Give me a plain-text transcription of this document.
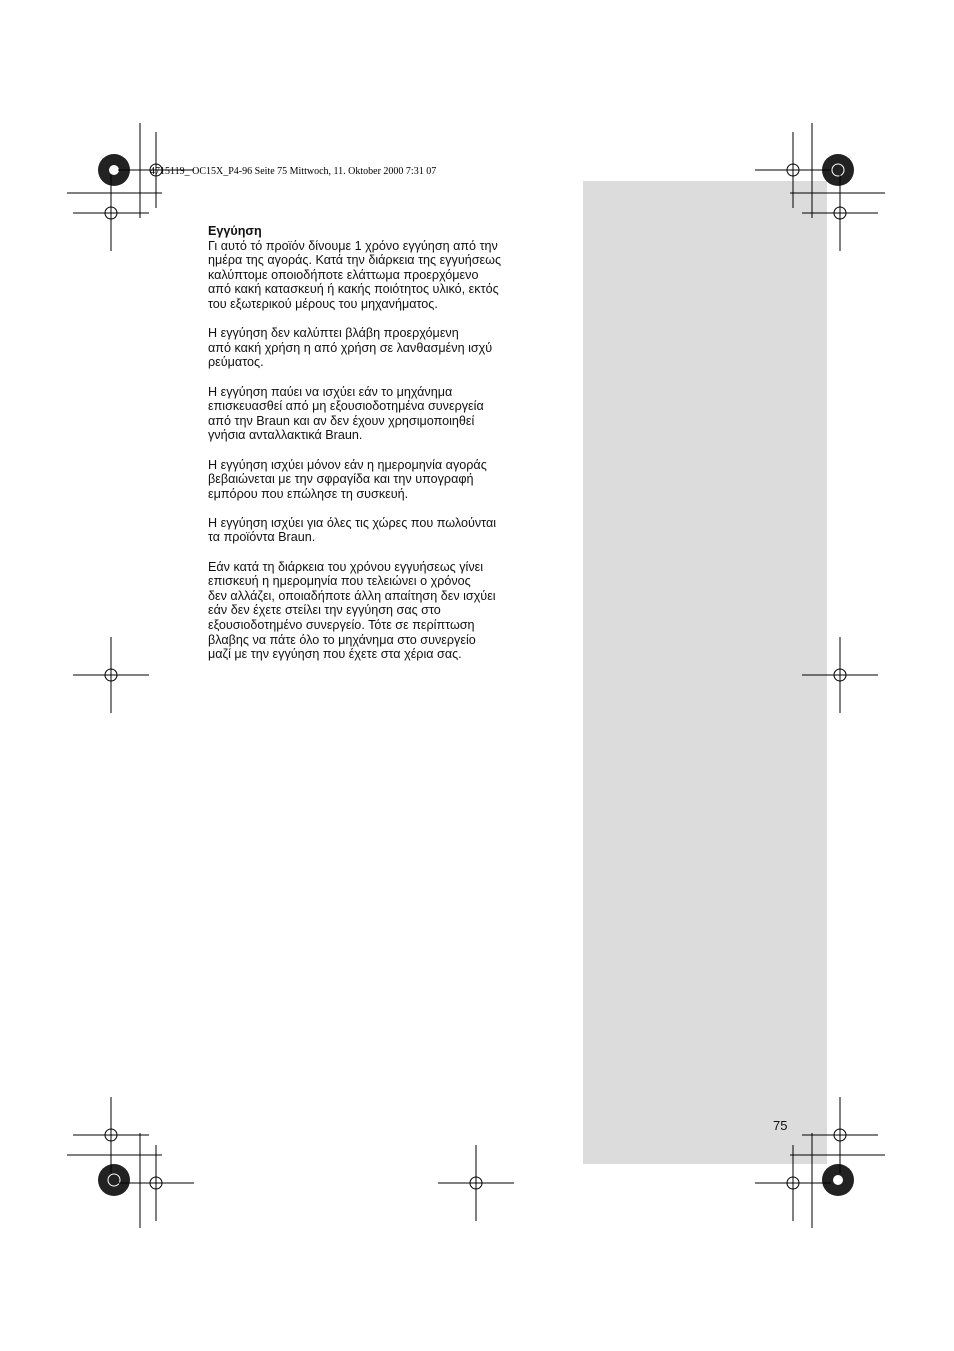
4715119_ OC15X_P4-96 Seite 75 Mittwoch, 11. Oktober 2000 7:31 07
Εγγύηση

Γι αυτό τό προϊόν δίνουμε 1 χρόνο εγγύηση από την
ημέρα της αγοράς. Κατά την διάρκεια της εγγυήσεως
καλύπτομε οποιοδήποτε ελάττωμα προερχόμενο
από κακή κατασκευή ή κακής ποιότητος υλικό, εκτός
του εξωτερικού μέρους του μηχανήματος.

Η εγγύηση δεν καλύπτει βλάβη προερχόμενη
από κακή χρήση η από χρήση σε λανθασμένη ισχύ
ρεύματος.

Η εγγύηση παύει να ισχύει εάν το μηχάνημα
επισκευασθεί από μη εξουσιοδοτημένα συνεργεία
από την Braun και αν δεν έχουν χρησιμοποιηθεί
γνήσια ανταλλακτικά Braun.

Η εγγύηση ισχύει μόνον εάν η ημερομηνία αγοράς
βεβαιώνεται με την σφραγίδα και την υπογραφή
εμπόρου που επώλησε τη συσκευή.

Η εγγύηση ισχύει για όλες τις χώρες που πωλούνται
τα προϊόντα Braun.

Εάν κατά τη διάρκεια του χρόνου εγγυήσεως γίνει
επισκευή η ημερομηνία που τελειώνει ο χρόνος
δεν αλλάζει, οποιαδήποτε άλλη απαίτηση δεν ισχύει
εάν δεν έχετε στείλει την εγγύηση σας στο
εξουσιοδοτημένο συνεργείο. Τότε σε περίπτωση
βλαβης να πάτε όλο το μηχάνημα στο συνεργείο
μαζί με την εγγύηση που έχετε στα χέρια σας.

75
